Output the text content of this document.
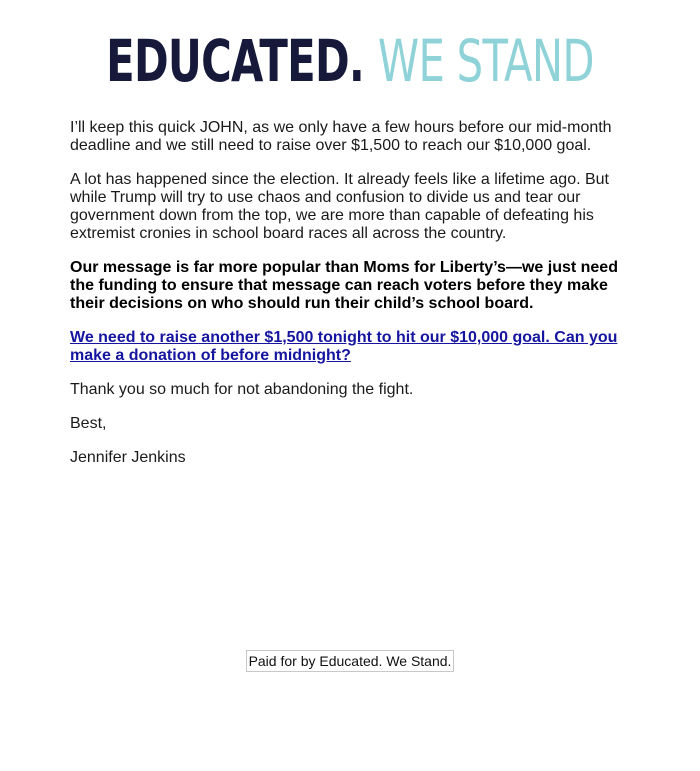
EDUCATED. WE STAND

I’ll keep this quick JOHN, as we only have a few hours before our mid-month deadline and we still need to raise over $1,500 to reach our $10,000 goal.

A lot has happened since the election. It already feels like a lifetime ago. But while Trump will try to use chaos and confusion to divide us and tear our government down from the top, we are more than capable of defeating his extremist cronies in school board races all across the country.

Our message is far more popular than Moms for Liberty’s—we just need the funding to ensure that message can reach voters before they make their decisions on who should run their child’s school board.

We need to raise another $1,500 tonight to hit our $10,000 goal. Can you make a donation of before midnight?

Thank you so much for not abandoning the fight.

Best,

Jennifer Jenkins

Paid for by Educated. We Stand.
